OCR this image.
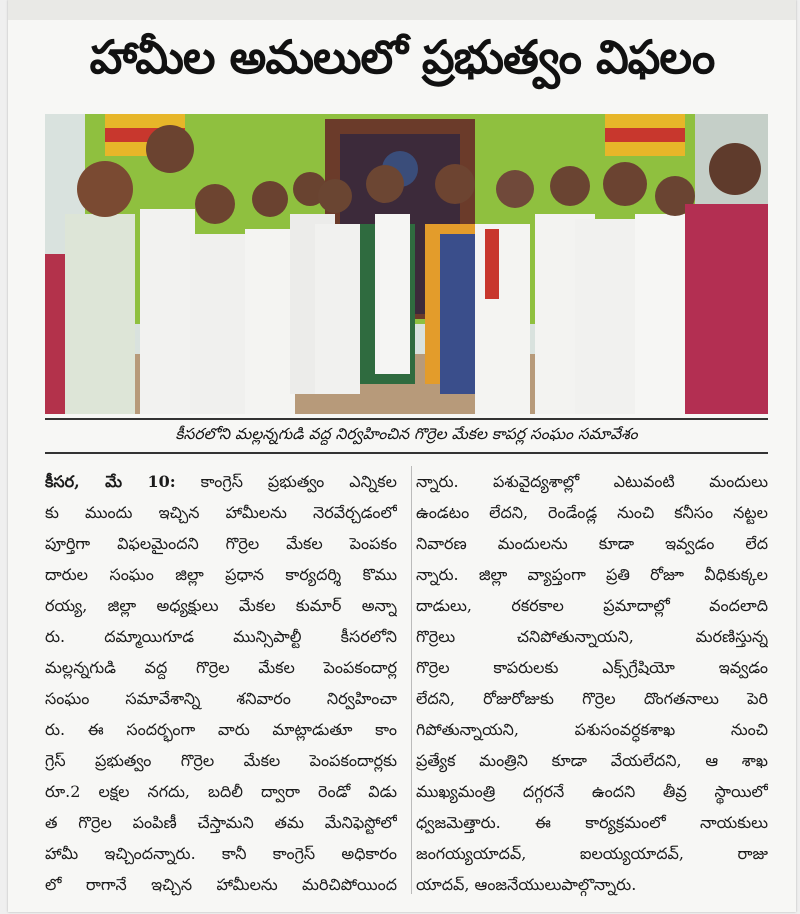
హామీల అమలులో ప్రభుత్వం విఫలం
కీసరలోని మల్లన్నగుడి వద్ద నిర్వహించిన గొర్రెల మేకల కాపర్ల సంఘం సమావేశం
కీసర, మే 10: కాంగ్రెస్ ప్రభుత్వం ఎన్నికల
కు ముందు ఇచ్చిన హామీలను నెరవేర్చడంలో
పూర్తిగా విఫలమైందని గొర్రెల మేకల పెంపకం
దారుల సంఘం జిల్లా ప్రధాన కార్యదర్శి కొము
రయ్య, జిల్లా అధ్యక్షులు మేకల కుమార్ అన్నా
రు. దమ్మాయిగూడ మున్సిపాల్టీ కీసరలోని
మల్లన్నగుడి వద్ద గొర్రెల మేకల పెంపకందార్ల
సంఘం సమావేశాన్ని శనివారం నిర్వహించా
రు. ఈ సందర్భంగా వారు మాట్లాడుతూ కాం
గ్రెస్ ప్రభుత్వం గొర్రెల మేకల పెంపకందార్లకు
రూ.2 లక్షల నగదు, బదిలీ ద్వారా రెండో విడు
త గొర్రెల పంపిణీ చేస్తామని తమ మేనిఫెస్టోలో
హామీ ఇచ్చిందన్నారు. కానీ కాంగ్రెస్ అధికారం
లో రాగానే ఇచ్చిన హామీలను మరిచిపోయింద
న్నారు. పశువైద్యశాల్లో ఎటువంటి మందులు
ఉండటం లేదని, రెండేండ్ల నుంచి కనీసం నట్టల
నివారణ మందులను కూడా ఇవ్వడం లేద
న్నారు. జిల్లా వ్యాప్తంగా ప్రతి రోజూ వీధికుక్కల
దాడులు, రకరకాల ప్రమాదాల్లో వందలాది
గొర్రెలు చనిపోతున్నాయని, మరణిస్తున్న
గొర్రెల కాపరులకు ఎక్స్‌గ్రేషియో ఇవ్వడం
లేదని, రోజురోజుకు గొర్రెల దొంగతనాలు పెరి
గిపోతున్నాయని, పశుసంవర్ధకశాఖ నుంచి
ప్రత్యేక మంత్రిని కూడా వేయలేదని, ఆ శాఖ
ముఖ్యమంత్రి దగ్గరనే ఉందని తీవ్ర స్థాయిలో
ధ్వజమెత్తారు. ఈ కార్యక్రమంలో నాయకులు
జంగయ్యయాదవ్, ఐలయ్యయాదవ్, రాజు
యాదవ్, ఆంజనేయులుపాల్గొన్నారు.
